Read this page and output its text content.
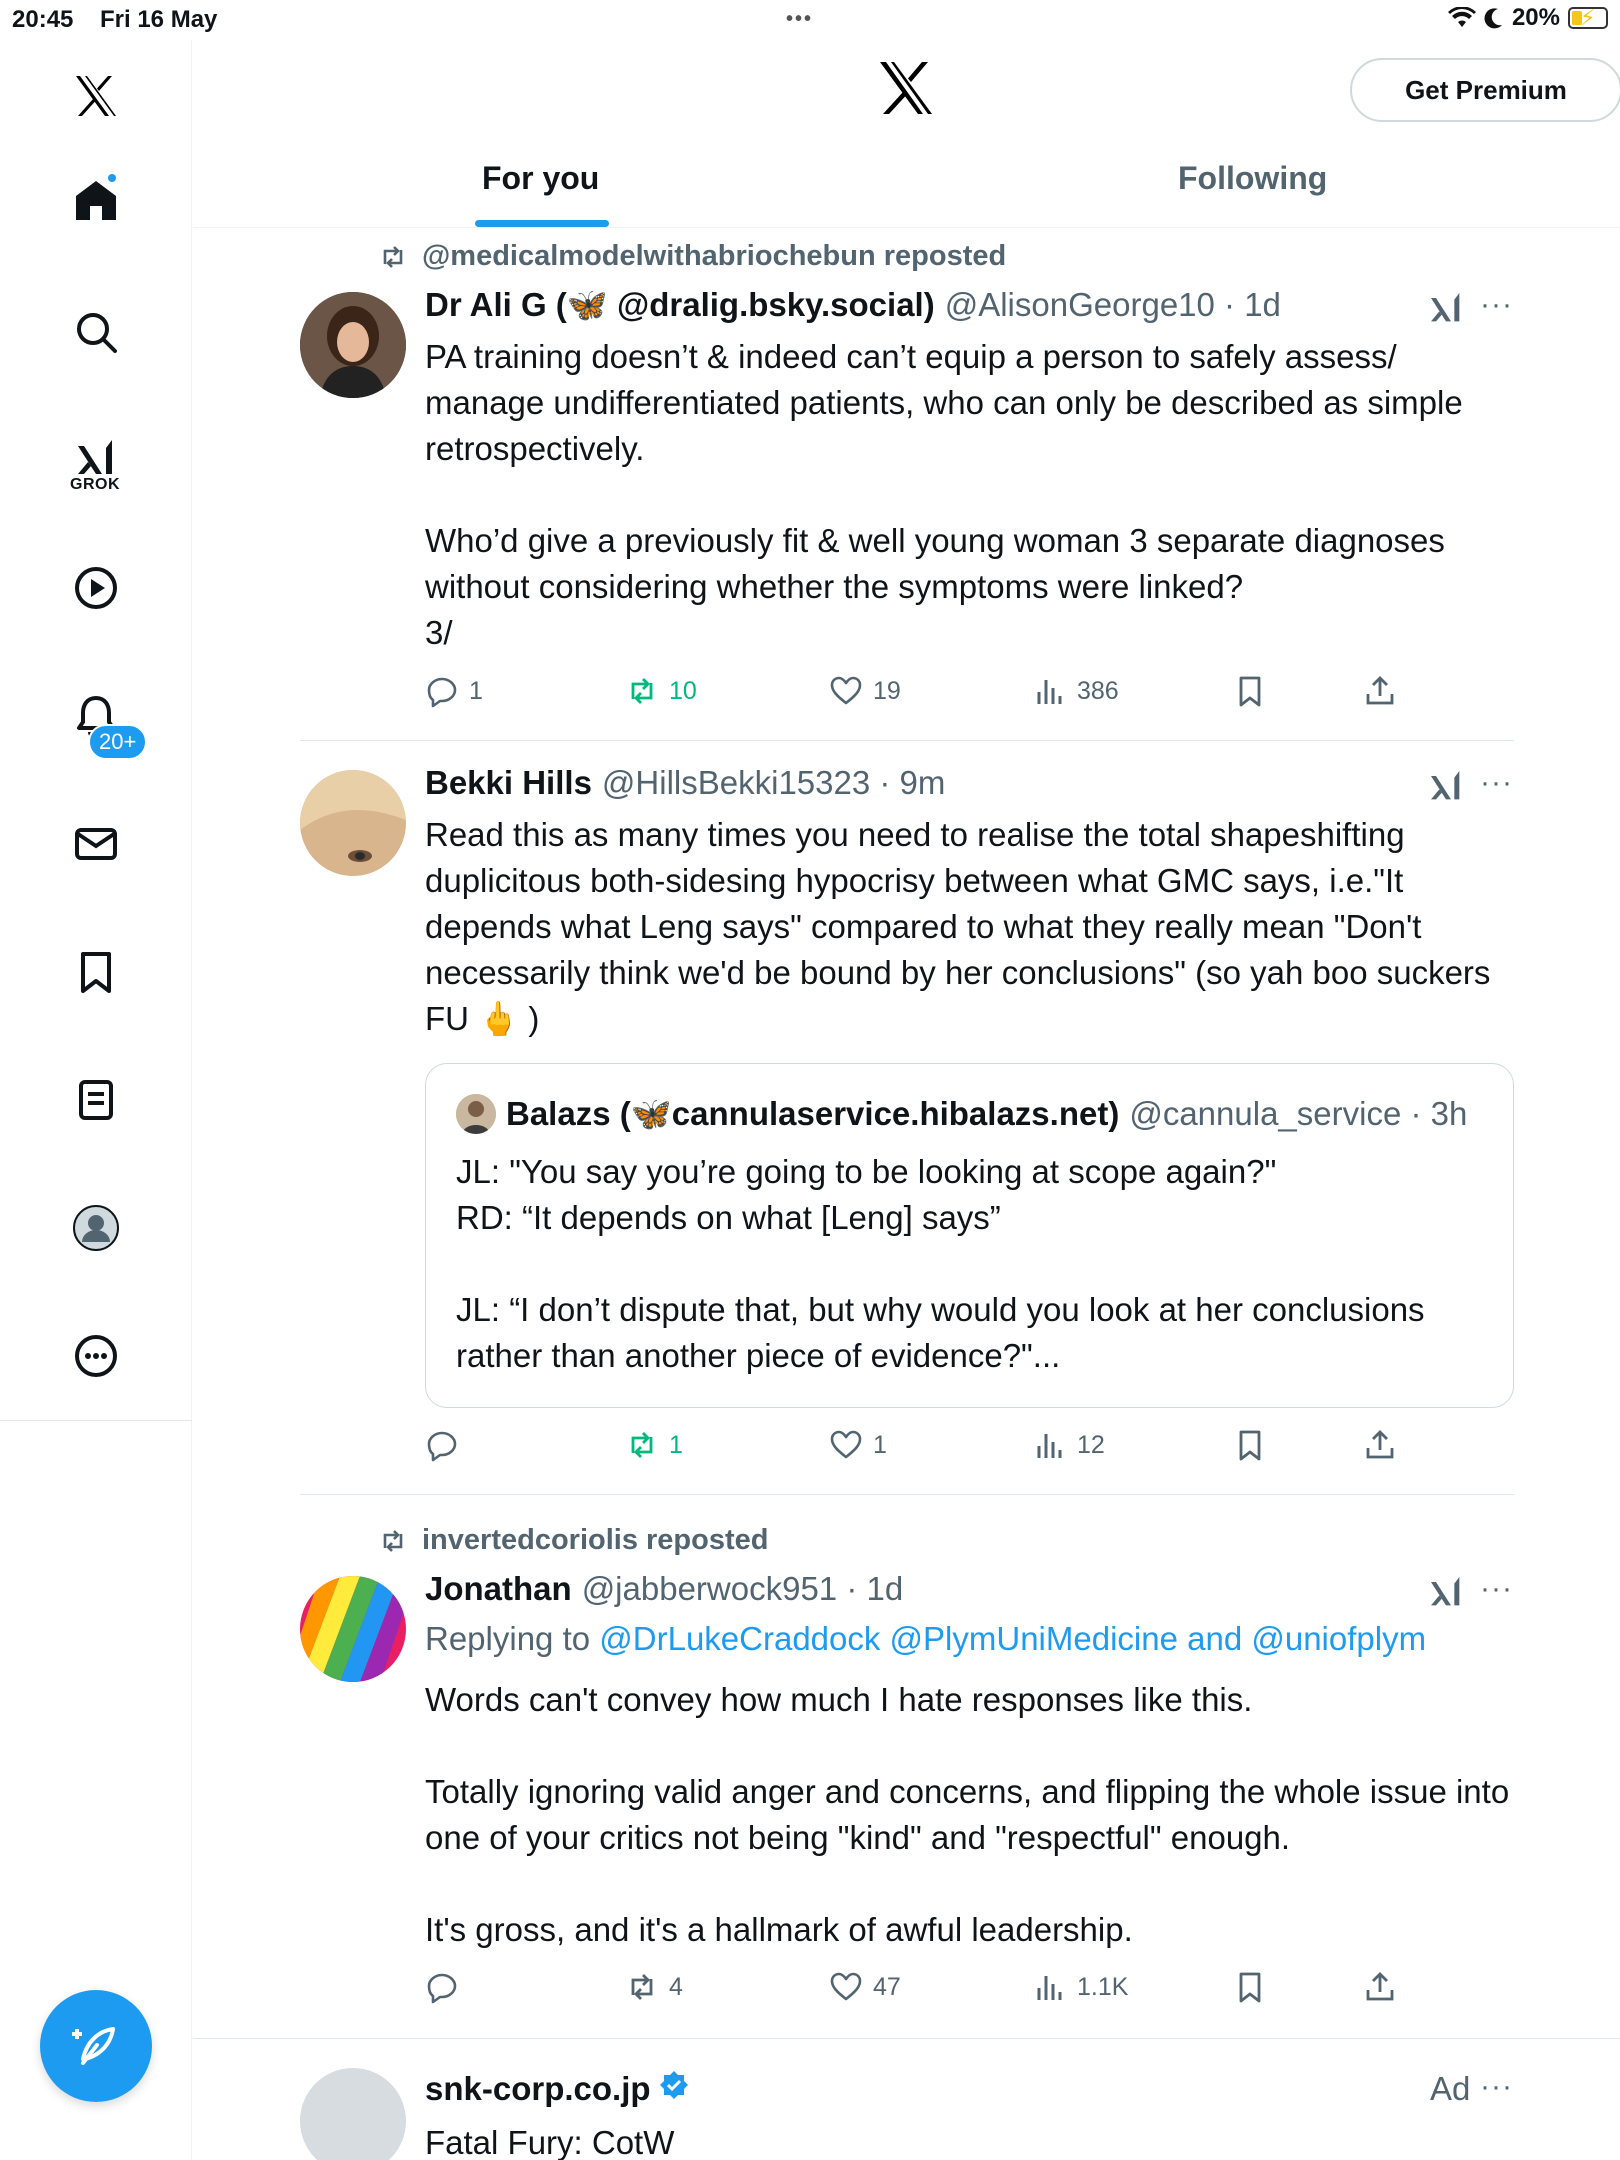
20:45 Fri 16 May	•••	20% ⚡
GROK
20+
Get Premium
For you	Following
@medicalmodelwithabriochebun reposted
Dr Ali G (🦋 @dralig.bsky.social) @AlisonGeorge10 · 1d	···
PA training doesn’t & indeed can’t equip a person to safely assess/ manage undifferentiated patients, who can only be described as simple retrospectively.

Who’d give a previously fit & well young woman 3 separate diagnoses without considering whether the symptoms were linked?
3/
1	10	19	386
Bekki Hills @HillsBekki15323 · 9m	···
Read this as many times you need to realise the total shapeshifting duplicitous both-sidesing hypocrisy between what GMC says, i.e."It depends what Leng says" compared to what they really mean "Don't necessarily think we'd be bound by her conclusions" (so yah boo suckers FU 🖕 )
Balazs (🦋cannulaservice.hibalazs.net) @cannula_service · 3h
JL: "You say you’re going to be looking at scope again?"
RD: “It depends on what [Leng] says”

JL: “I don’t dispute that, but why would you look at her conclusions rather than another piece of evidence?"...
1	1	12
invertedcoriolis reposted
Jonathan @jabberwock951 · 1d	···
Replying to @DrLukeCraddock @PlymUniMedicine and @uniofplym
Words can't convey how much I hate responses like this.

Totally ignoring valid anger and concerns, and flipping the whole issue into one of your critics not being "kind" and "respectful" enough.

It's gross, and it's a hallmark of awful leadership.
4	47	1.1K
snk-corp.co.jp	Ad ···
Fatal Fury: CotW
